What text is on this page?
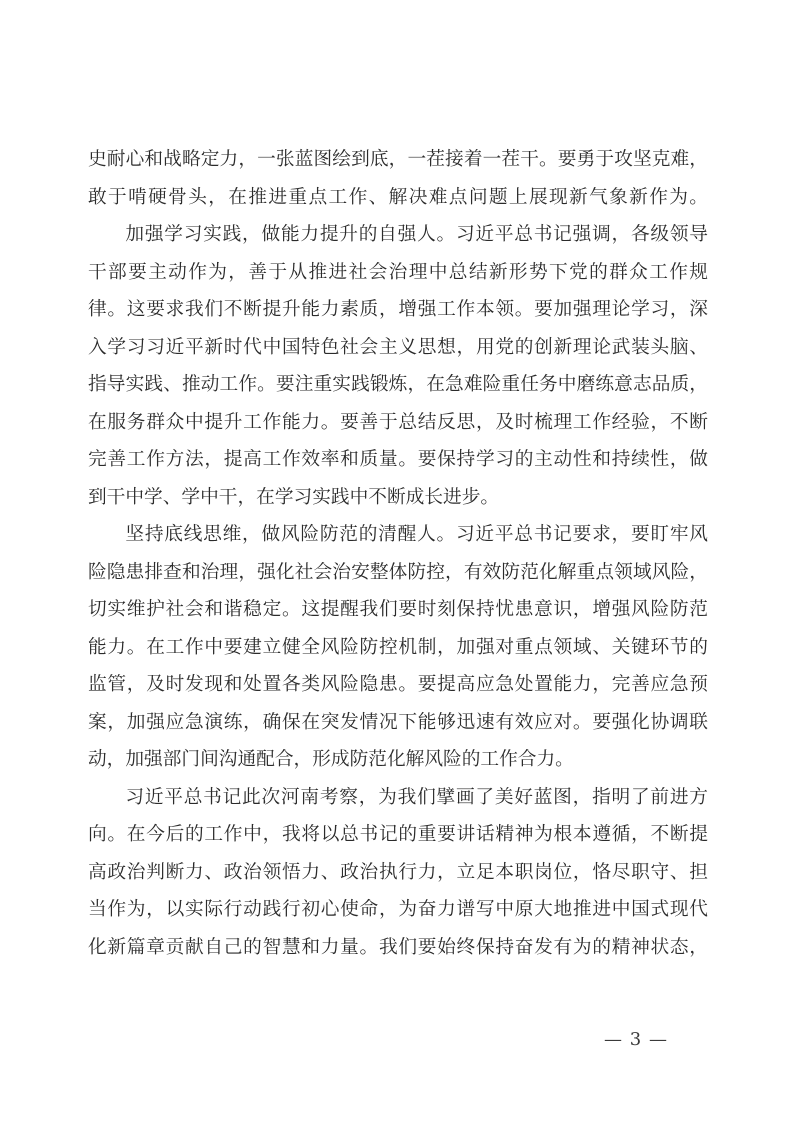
史耐心和战略定力，一张蓝图绘到底，一茬接着一茬干。要勇于攻坚克难，
敢于啃硬骨头，在推进重点工作、解决难点问题上展现新气象新作为。
加强学习实践，做能力提升的自强人。习近平总书记强调，各级领导
干部要主动作为，善于从推进社会治理中总结新形势下党的群众工作规
律。这要求我们不断提升能力素质，增强工作本领。要加强理论学习，深
入学习习近平新时代中国特色社会主义思想，用党的创新理论武装头脑、
指导实践、推动工作。要注重实践锻炼，在急难险重任务中磨练意志品质，
在服务群众中提升工作能力。要善于总结反思，及时梳理工作经验，不断
完善工作方法，提高工作效率和质量。要保持学习的主动性和持续性，做
到干中学、学中干，在学习实践中不断成长进步。
坚持底线思维，做风险防范的清醒人。习近平总书记要求，要盯牢风
险隐患排查和治理，强化社会治安整体防控，有效防范化解重点领域风险，
切实维护社会和谐稳定。这提醒我们要时刻保持忧患意识，增强风险防范
能力。在工作中要建立健全风险防控机制，加强对重点领域、关键环节的
监管，及时发现和处置各类风险隐患。要提高应急处置能力，完善应急预
案，加强应急演练，确保在突发情况下能够迅速有效应对。要强化协调联
动，加强部门间沟通配合，形成防范化解风险的工作合力。
习近平总书记此次河南考察，为我们擘画了美好蓝图，指明了前进方
向。在今后的工作中，我将以总书记的重要讲话精神为根本遵循，不断提
高政治判断力、政治领悟力、政治执行力，立足本职岗位，恪尽职守、担
当作为，以实际行动践行初心使命，为奋力谱写中原大地推进中国式现代
化新篇章贡献自己的智慧和力量。我们要始终保持奋发有为的精神状态，
— 3 —
